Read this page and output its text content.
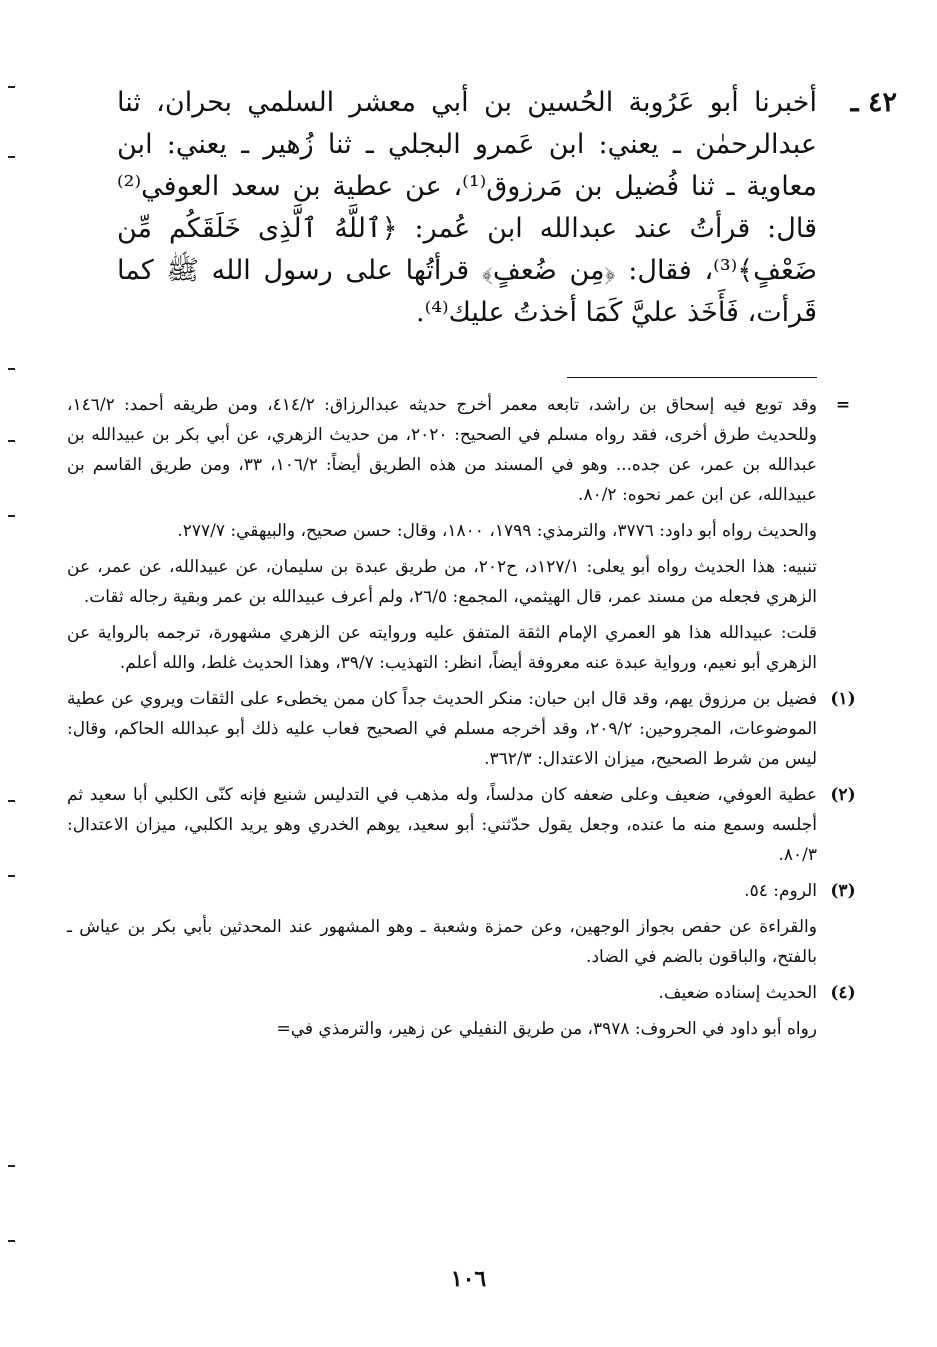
٤٢ ـ
أخبرنا أبو عَرُوبة الحُسين بن أبي معشر السلمي بحران، ثنا عبدالرحمٰن ـ يعني: ابن عَمرو البجلي ـ ثنا زُهير ـ يعني: ابن معاوية ـ ثنا فُضيل بن مَرزوق⁽¹⁾، عن عطية بن سعد العوفي⁽²⁾ قال: قرأتُ عند عبدالله ابن عُمر: ﴿ٱللَّهُ ٱلَّذِى خَلَقَكُم مِّن ضَعْفٍ﴾⁽³⁾، فقال: ﴿مِن ضُعفٍ﴾ قرأتُها على رسول الله ﷺ كما قَرأت، فَأَخَذ عليَّ كَمَا أخذتُ عليك⁽⁴⁾.

=
وقد توبع فيه إسحاق بن راشد، تابعه معمر أخرج حديثه عبدالرزاق: ٤١٤/٢، ومن طريقه أحمد: ١٤٦/٢، وللحديث طرق أخرى، فقد رواه مسلم في الصحيح: ٢٠٢٠، من حديث الزهري، عن أبي بكر بن عبيدالله بن عبدالله بن عمر، عن جده... وهو في المسند من هذه الطريق أيضاً: ١٠٦/٢، ٣٣، ومن طريق القاسم بن عبيدالله، عن ابن عمر نحوه: ٨٠/٢.

والحديث رواه أبو داود: ٣٧٧٦، والترمذي: ١٧٩٩، ١٨٠٠، وقال: حسن صحيح، والبيهقي: ٢٧٧/٧.

تنبيه: هذا الحديث رواه أبو يعلى: ١٢٧/١د، ح٢٠٢، من طريق عبدة بن سليمان، عن عبيدالله، عن عمر، عن الزهري فجعله من مسند عمر، قال الهيثمي، المجمع: ٢٦/٥، ولم أعرف عبيدالله بن عمر وبقية رجاله ثقات.

قلت: عبيدالله هذا هو العمري الإمام الثقة المتفق عليه وروايته عن الزهري مشهورة، ترجمه بالرواية عن الزهري أبو نعيم، ورواية عبدة عنه معروفة أيضاً، انظر: التهذيب: ٣٩/٧، وهذا الحديث غلط، والله أعلم.

(١)
فضيل بن مرزوق يهم، وقد قال ابن حبان: منكر الحديث جداً كان ممن يخطىء على الثقات ويروي عن عطية الموضوعات، المجروحين: ٢٠٩/٢، وقد أخرجه مسلم في الصحيح فعاب عليه ذلك أبو عبدالله الحاكم، وقال: ليس من شرط الصحيح، ميزان الاعتدال: ٣٦٢/٣.

(٢)
عطية العوفي، ضعيف وعلى ضعفه كان مدلساً، وله مذهب في التدليس شنيع فإنه كنّى الكلبي أبا سعيد ثم أجلسه وسمع منه ما عنده، وجعل يقول حدّثني: أبو سعيد، يوهم الخدري وهو يريد الكلبي، ميزان الاعتدال: ٨٠/٣.

(٣)
الروم: ٥٤.

والقراءة عن حفص بجواز الوجهين، وعن حمزة وشعبة ـ وهو المشهور عند المحدثين بأبي بكر بن عياش ـ بالفتح، والباقون بالضم في الضاد.

(٤)
الحديث إسناده ضعيف.

رواه أبو داود في الحروف: ٣٩٧٨، من طريق النفيلي عن زهير، والترمذي في=

١٠٦
